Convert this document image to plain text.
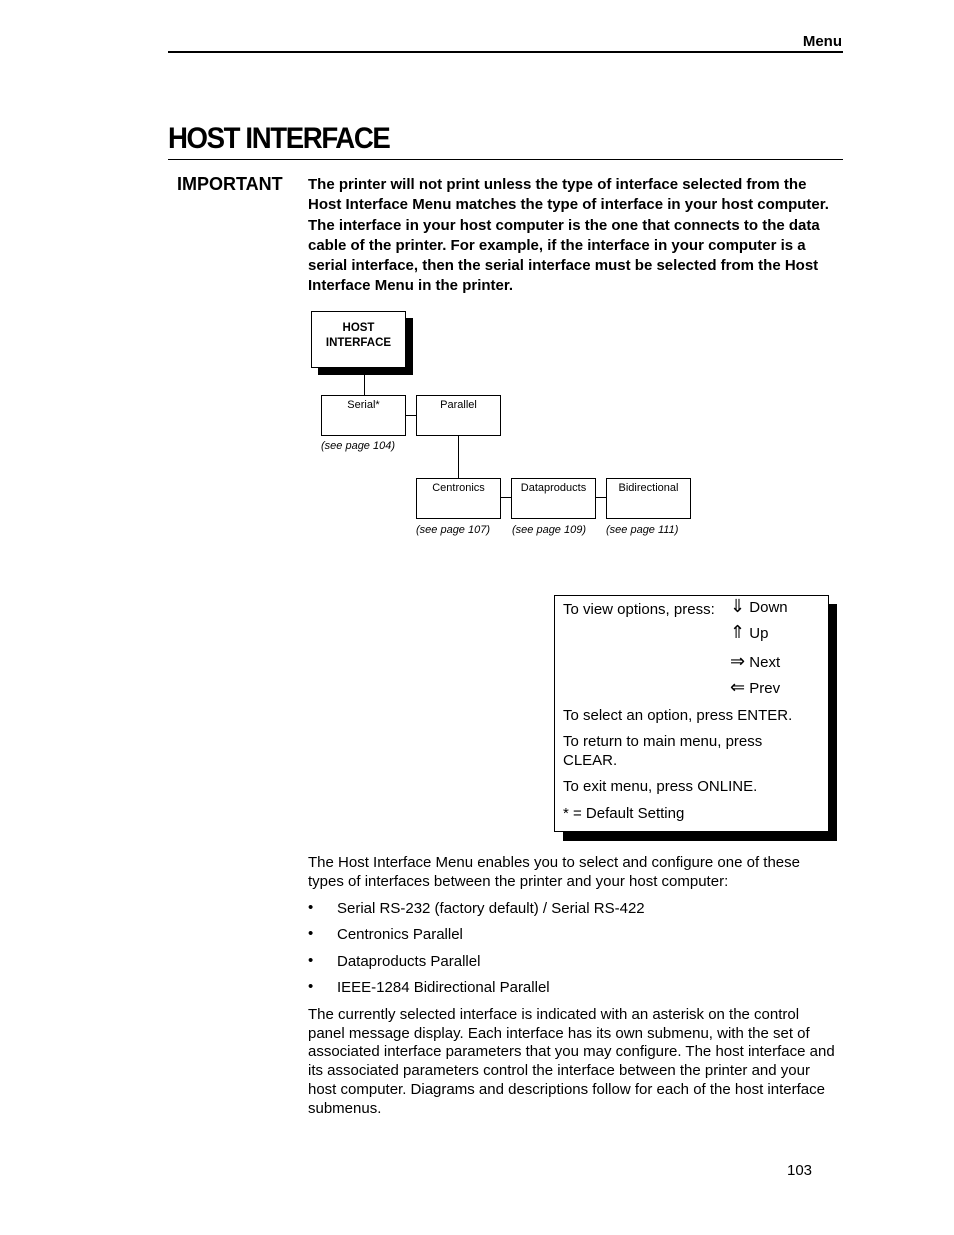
Menu
HOST INTERFACE
IMPORTANT The printer will not print unless the type of interface selected from the Host Interface Menu matches the type of interface in your host computer. The interface in your host computer is the one that connects to the data cable of the printer. For example, if the interface in your computer is a serial interface, then the serial interface must be selected from the Host Interface Menu in the printer.
HOST
INTERFACE
Serial*
(see page 104)
Parallel
Centronics
(see page 107)
Dataproducts
(see page 109)
Bidirectional
(see page 111)
To view options, press: ⇓ Down
⇑ Up
⇒ Next
⇐ Prev
To select an option, press ENTER.
To return to main menu, press
CLEAR.
To exit menu, press ONLINE.
* = Default Setting
The Host Interface Menu enables you to select and configure one of these types of interfaces between the printer and your host computer:
• Serial RS-232 (factory default) / Serial RS-422
• Centronics Parallel
• Dataproducts Parallel
• IEEE-1284 Bidirectional Parallel
The currently selected interface is indicated with an asterisk on the control panel message display. Each interface has its own submenu, with the set of associated interface parameters that you may configure. The host interface and its associated parameters control the interface between the printer and your host computer. Diagrams and descriptions follow for each of the host interface submenus.
103
